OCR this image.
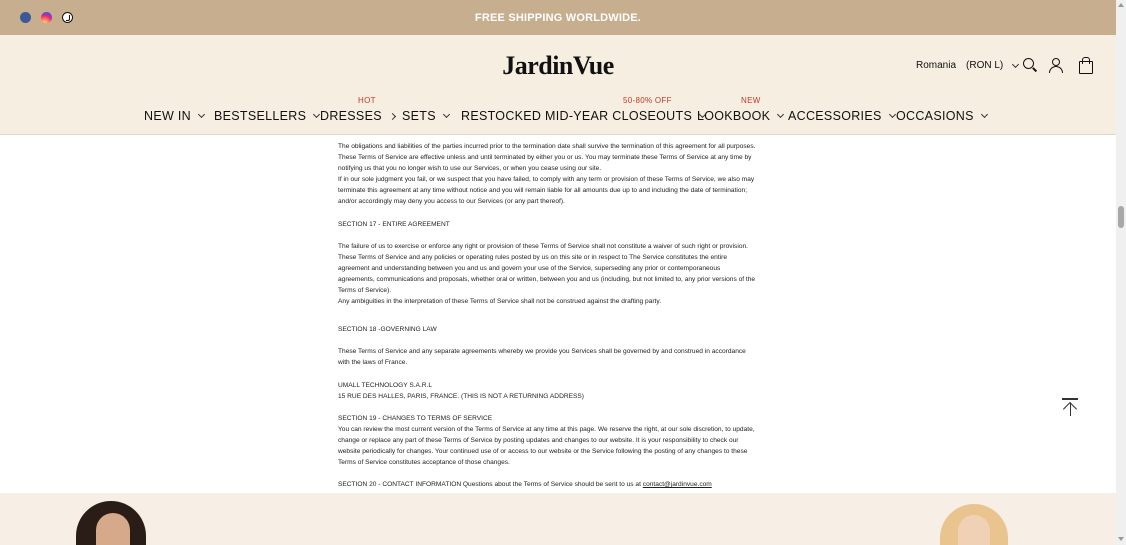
FREE SHIPPING WORLDWIDE.
JardinVue	Romania (RON L)
NEW IN BESTSELLERS
HOT
DRESSES SETS RESTOCKED
50-80% OFF
MID-YEAR CLOSEOUTS
NEW
LOOKBOOK ACCESSORIES OCCASIONS

The obligations and liabilities of the parties incurred prior to the termination date shall survive the termination of this agreement for all purposes.
These Terms of Service are effective unless and until terminated by either you or us. You may terminate these Terms of Service at any time by
notifying us that you no longer wish to use our Services, or when you cease using our site.
If in our sole judgment you fail, or we suspect that you have failed, to comply with any term or provision of these Terms of Service, we also may
terminate this agreement at any time without notice and you will remain liable for all amounts due up to and including the date of termination;
and/or accordingly may deny you access to our Services (or any part thereof).

SECTION 17 - ENTIRE AGREEMENT

The failure of us to exercise or enforce any right or provision of these Terms of Service shall not constitute a waiver of such right or provision.
These Terms of Service and any policies or operating rules posted by us on this site or in respect to The Service constitutes the entire
agreement and understanding between you and us and govern your use of the Service, superseding any prior or contemporaneous
agreements, communications and proposals, whether oral or written, between you and us (including, but not limited to, any prior versions of the
Terms of Service).
Any ambiguities in the interpretation of these Terms of Service shall not be construed against the drafting party.

SECTION 18 -GOVERNING LAW

These Terms of Service and any separate agreements whereby we provide you Services shall be governed by and construed in accordance
with the laws of France.

UMALL TECHNOLOGY S.A.R.L
15 RUE DES HALLES, PARIS, FRANCE. (THIS IS NOT A RETURNING ADDRESS)

SECTION 19 - CHANGES TO TERMS OF SERVICE
You can review the most current version of the Terms of Service at any time at this page. We reserve the right, at our sole discretion, to update,
change or replace any part of these Terms of Service by posting updates and changes to our website. It is your responsibility to check our
website periodically for changes. Your continued use of or access to our website or the Service following the posting of any changes to these
Terms of Service constitutes acceptance of those changes.

SECTION 20 - CONTACT INFORMATION Questions about the Terms of Service should be sent to us at contact@jardinvue.com
